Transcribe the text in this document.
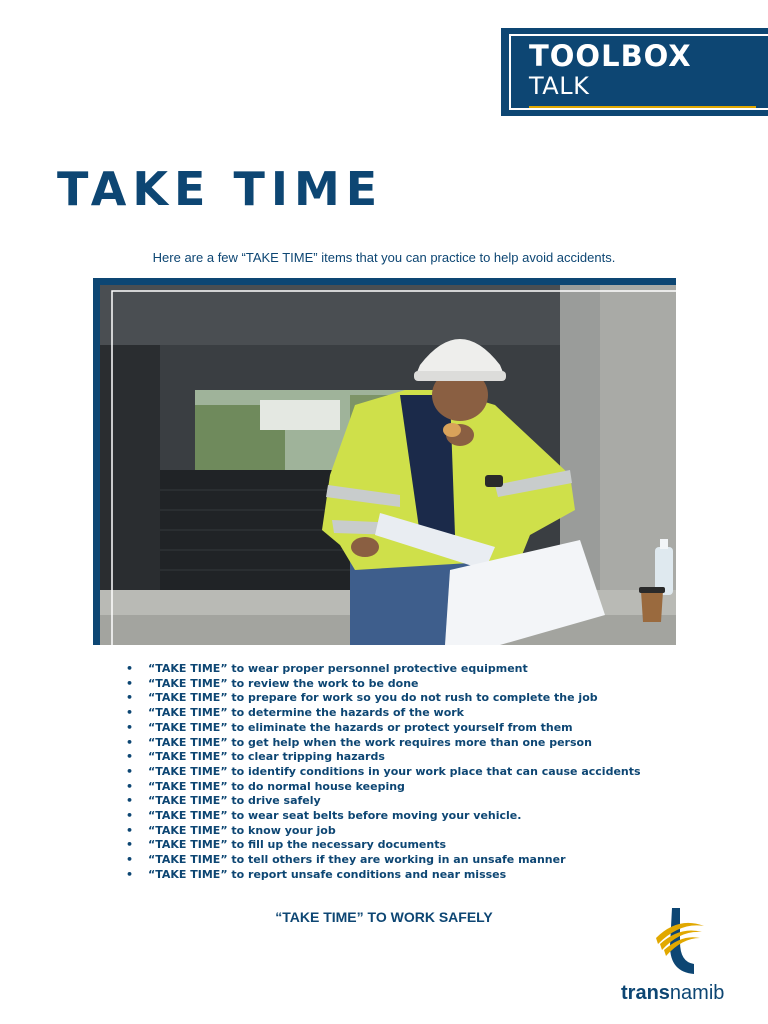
TOOLBOX
TALK
TAKE TIME
Here are a few “TAKE TIME” items that you can practice to help avoid accidents.
• “TAKE TIME” to wear proper personnel protective equipment
• “TAKE TIME” to review the work to be done
• “TAKE TIME” to prepare for work so you do not rush to complete the job
• “TAKE TIME” to determine the hazards of the work
• “TAKE TIME” to eliminate the hazards or protect yourself from them
• “TAKE TIME” to get help when the work requires more than one person
• “TAKE TIME” to clear tripping hazards
• “TAKE TIME” to identify conditions in your work place that can cause accidents
• “TAKE TIME” to do normal house keeping
• “TAKE TIME” to drive safely
• “TAKE TIME” to wear seat belts before moving your vehicle.
• “TAKE TIME” to know your job
• “TAKE TIME” to fill up the necessary documents
• “TAKE TIME” to tell others if they are working in an unsafe manner
• “TAKE TIME” to report unsafe conditions and near misses
“TAKE TIME” TO WORK SAFELY
transnamib
